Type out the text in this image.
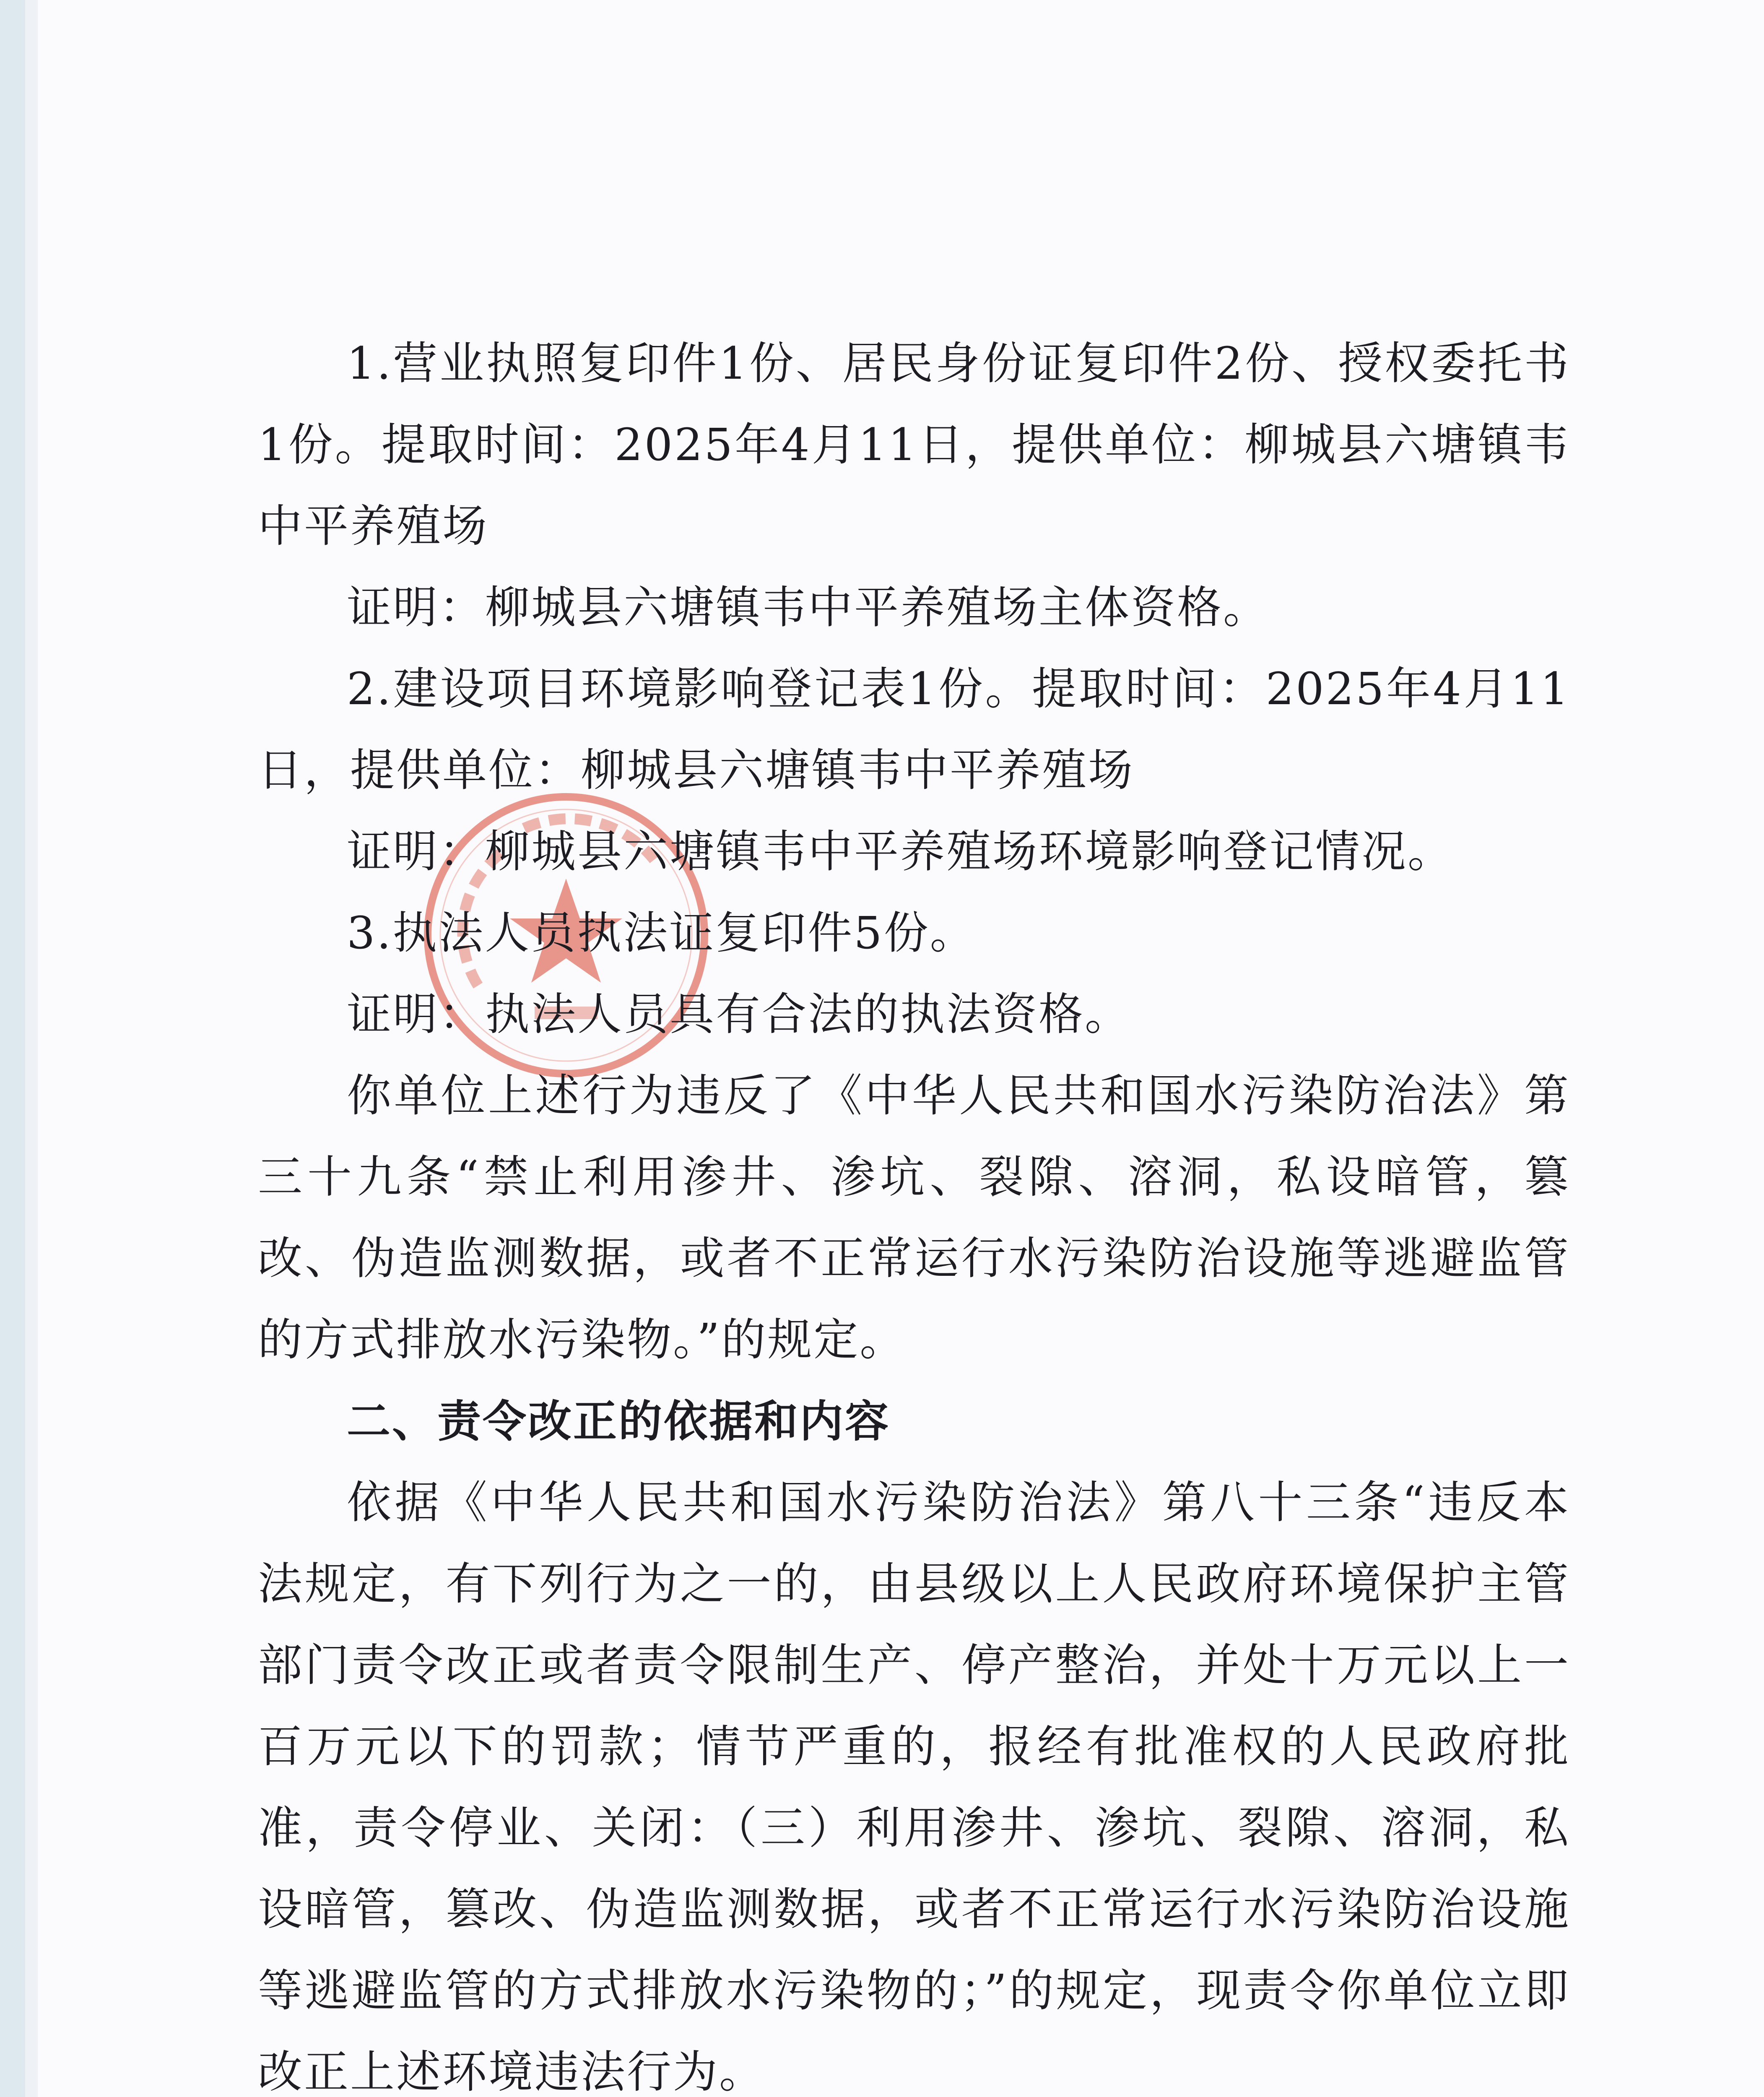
1.营业执照复印件1份、居民身份证复印件2份、授权委托书1份。提取时间：2025年4月11日，提供单位：柳城县六塘镇韦中平养殖场

证明：柳城县六塘镇韦中平养殖场主体资格。

2.建设项目环境影响登记表1份。提取时间：2025年4月11日，提供单位：柳城县六塘镇韦中平养殖场

证明：柳城县六塘镇韦中平养殖场环境影响登记情况。

3.执法人员执法证复印件5份。

证明：执法人员具有合法的执法资格。

你单位上述行为违反了《中华人民共和国水污染防治法》第三十九条“禁止利用渗井、渗坑、裂隙、溶洞，私设暗管，篡改、伪造监测数据，或者不正常运行水污染防治设施等逃避监管的方式排放水污染物。”的规定。

二、责令改正的依据和内容

依据《中华人民共和国水污染防治法》第八十三条“违反本法规定，有下列行为之一的，由县级以上人民政府环境保护主管部门责令改正或者责令限制生产、停产整治，并处十万元以上一百万元以下的罚款；情节严重的，报经有批准权的人民政府批准，责令停业、关闭：（三）利用渗井、渗坑、裂隙、溶洞，私设暗管，篡改、伪造监测数据，或者不正常运行水污染防治设施等逃避监管的方式排放水污染物的；”的规定，现责令你单位立即改正上述环境违法行为。
